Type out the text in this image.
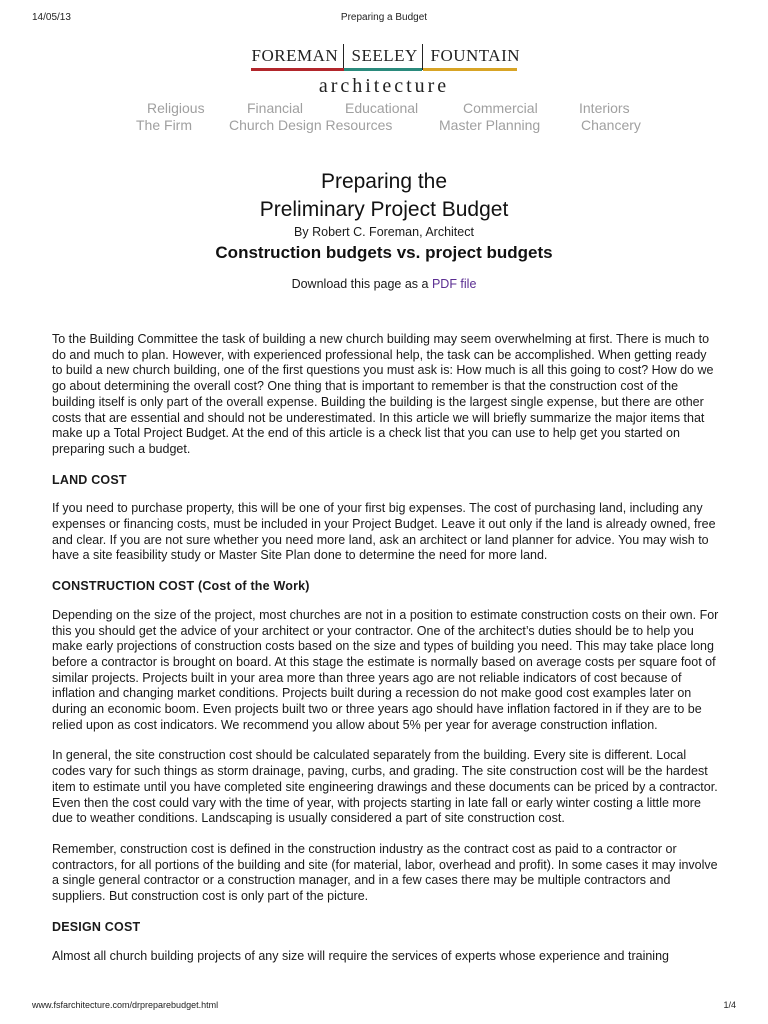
14/05/13	Preparing a Budget
FOREMAN SEELEY FOUNTAIN
architecture
Religious	Financial	Educational	Commercial	Interiors
The Firm	Church Design Resources	Master Planning	Chancery
Preparing the
Preliminary Project Budget
By Robert C. Foreman, Architect
Construction budgets vs. project budgets
Download this page as a PDF file

To the Building Committee the task of building a new church building may seem overwhelming at first. There is much to do and much to plan. However, with experienced professional help, the task can be accomplished. When getting ready to build a new church building, one of the first questions you must ask is: How much is all this going to cost? How do we go about determining the overall cost? One thing that is important to remember is that the construction cost of the building itself is only part of the overall expense. Building the building is the largest single expense, but there are other costs that are essential and should not be underestimated. In this article we will briefly summarize the major items that make up a Total Project Budget. At the end of this article is a check list that you can use to help get you started on preparing such a budget.

LAND COST

If you need to purchase property, this will be one of your first big expenses. The cost of purchasing land, including any expenses or financing costs, must be included in your Project Budget. Leave it out only if the land is already owned, free and clear. If you are not sure whether you need more land, ask an architect or land planner for advice. You may wish to have a site feasibility study or Master Site Plan done to determine the need for more land.

CONSTRUCTION COST (Cost of the Work)

Depending on the size of the project, most churches are not in a position to estimate construction costs on their own. For this you should get the advice of your architect or your contractor. One of the architect’s duties should be to help you make early projections of construction costs based on the size and types of building you need. This may take place long before a contractor is brought on board. At this stage the estimate is normally based on average costs per square foot of similar projects. Projects built in your area more than three years ago are not reliable indicators of cost because of inflation and changing market conditions. Projects built during a recession do not make good cost examples later on during an economic boom. Even projects built two or three years ago should have inflation factored in if they are to be relied upon as cost indicators. We recommend you allow about 5% per year for average construction inflation.

In general, the site construction cost should be calculated separately from the building. Every site is different. Local codes vary for such things as storm drainage, paving, curbs, and grading. The site construction cost will be the hardest item to estimate until you have completed site engineering drawings and these documents can be priced by a contractor. Even then the cost could vary with the time of year, with projects starting in late fall or early winter costing a little more due to weather conditions. Landscaping is usually considered a part of site construction cost.

Remember, construction cost is defined in the construction industry as the contract cost as paid to a contractor or contractors, for all portions of the building and site (for material, labor, overhead and profit). In some cases it may involve a single general contractor or a construction manager, and in a few cases there may be multiple contractors and suppliers. But construction cost is only part of the picture.

DESIGN COST

Almost all church building projects of any size will require the services of experts whose experience and training

www.fsfarchitecture.com/drpreparebudget.html	1/4
